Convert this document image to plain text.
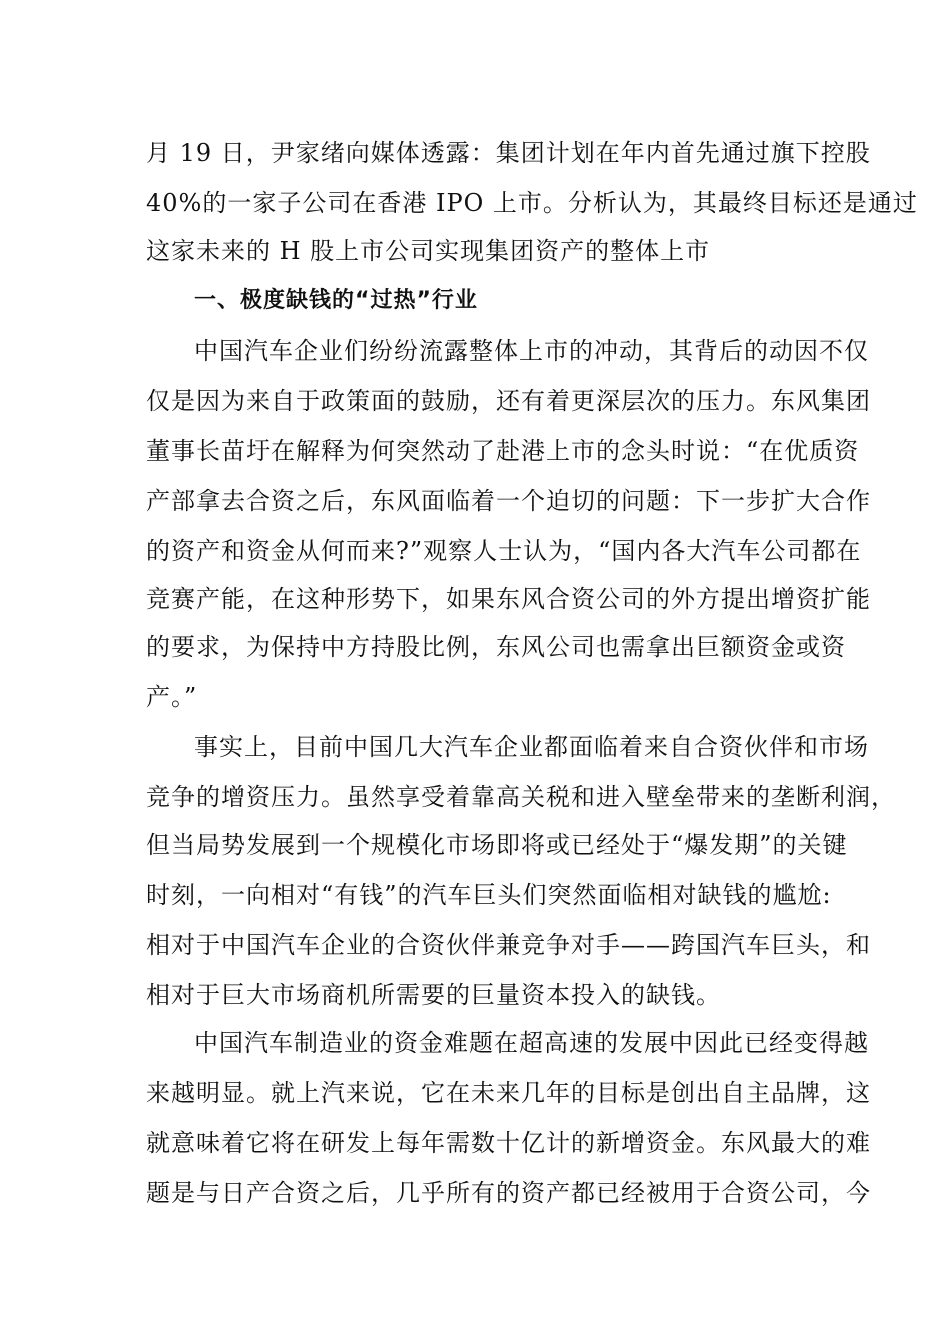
月 19 日，尹家绪向媒体透露：集团计划在年内首先通过旗下控股
40%的一家子公司在香港 IPO 上市。分析认为，其最终目标还是通过
这家未来的 H 股上市公司实现集团资产的整体上市
一、极度缺钱的“过热”行业
中国汽车企业们纷纷流露整体上市的冲动，其背后的动因不仅
仅是因为来自于政策面的鼓励，还有着更深层次的压力。东风集团
董事长苗圩在解释为何突然动了赴港上市的念头时说：“在优质资
产部拿去合资之后，东风面临着一个迫切的问题：下一步扩大合作
的资产和资金从何而来?”观察人士认为，“国内各大汽车公司都在
竞赛产能，在这种形势下，如果东风合资公司的外方提出增资扩能
的要求，为保持中方持股比例，东风公司也需拿出巨额资金或资
产。”
事实上，目前中国几大汽车企业都面临着来自合资伙伴和市场
竞争的增资压力。虽然享受着靠高关税和进入壁垒带来的垄断利润，
但当局势发展到一个规模化市场即将或已经处于“爆发期”的关键
时刻，一向相对“有钱”的汽车巨头们突然面临相对缺钱的尴尬:
相对于中国汽车企业的合资伙伴兼竞争对手——跨国汽车巨头，和
相对于巨大市场商机所需要的巨量资本投入的缺钱。
中国汽车制造业的资金难题在超高速的发展中因此已经变得越
来越明显。就上汽来说，它在未来几年的目标是创出自主品牌，这
就意味着它将在研发上每年需数十亿计的新增资金。东风最大的难
题是与日产合资之后，几乎所有的资产都已经被用于合资公司，今
